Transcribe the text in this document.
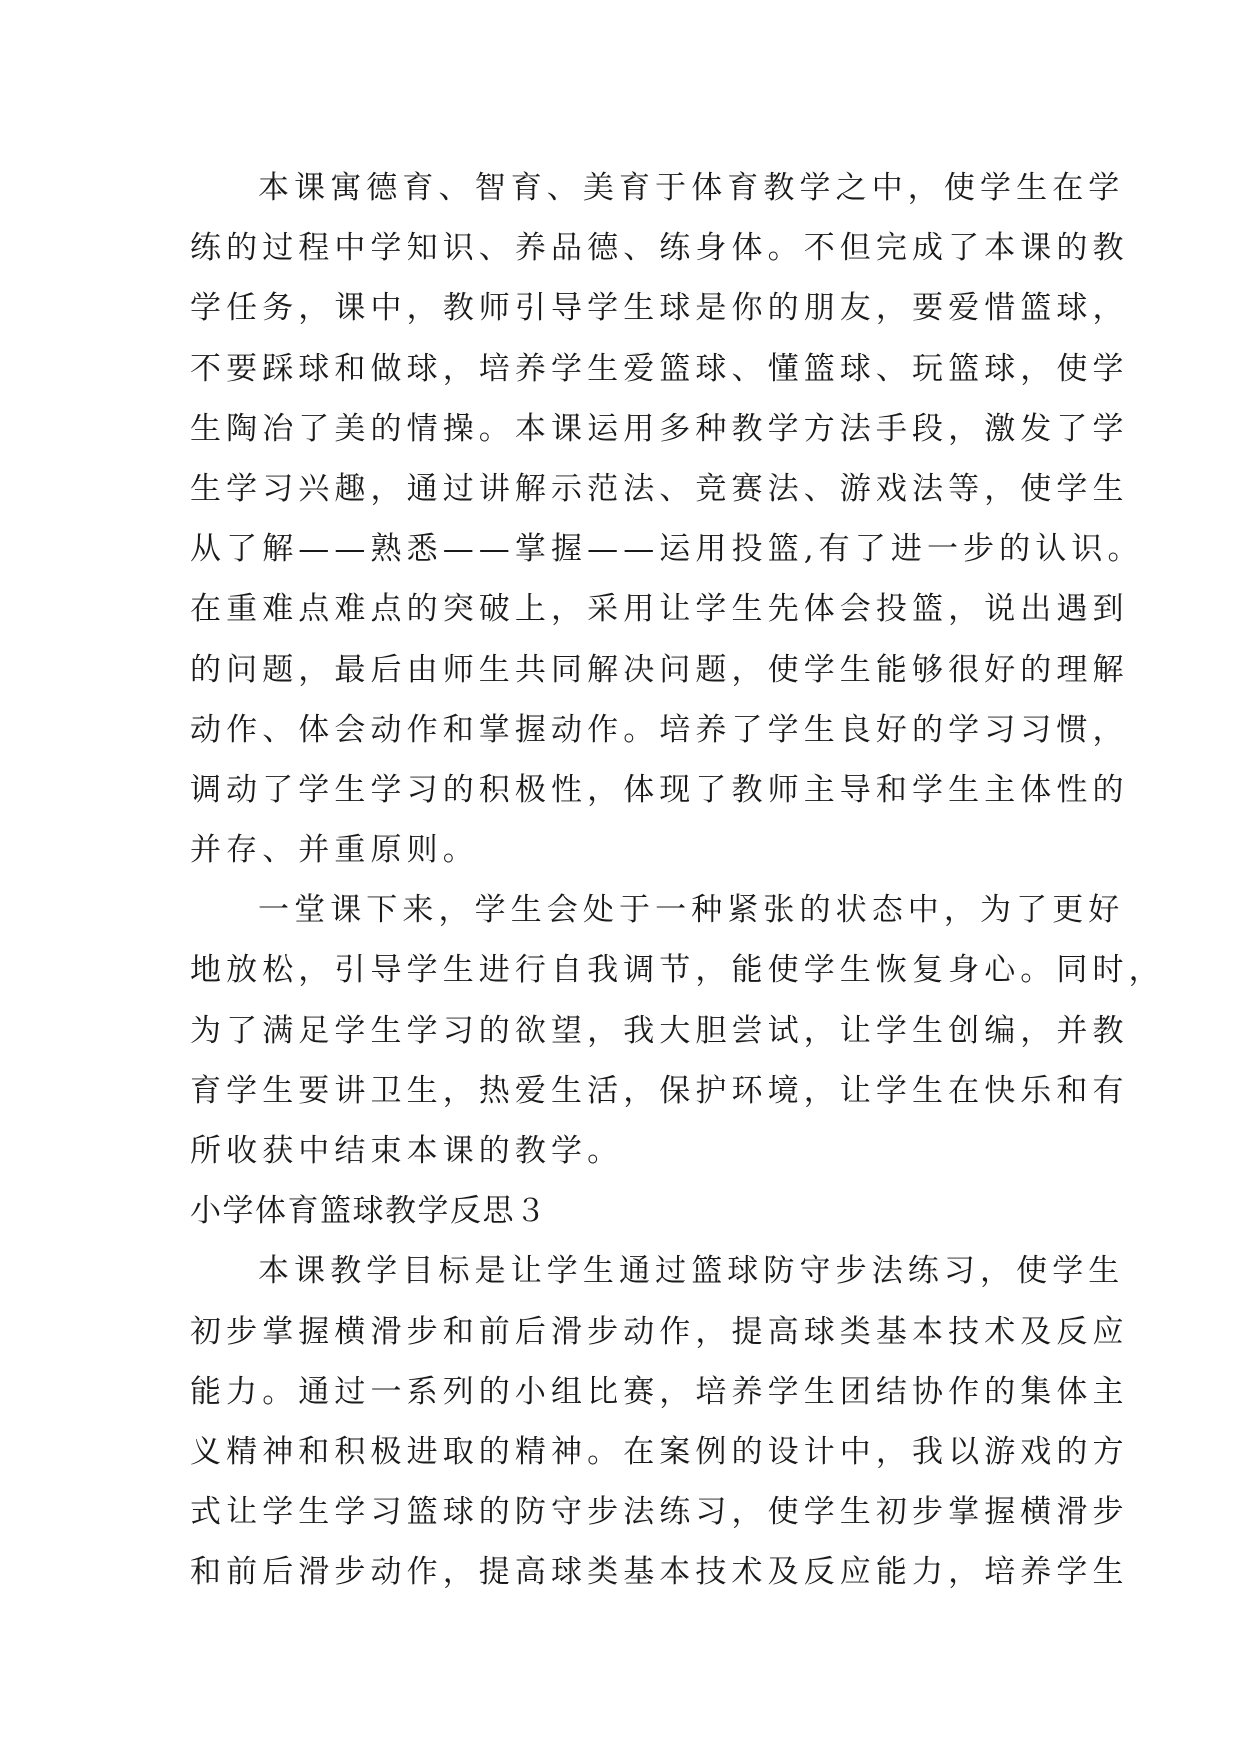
本课寓德育、智育、美育于体育教学之中，使学生在学
练的过程中学知识、养品德、练身体。不但完成了本课的教
学任务，课中，教师引导学生球是你的朋友，要爱惜篮球，
不要踩球和做球，培养学生爱篮球、懂篮球、玩篮球，使学
生陶冶了美的情操。本课运用多种教学方法手段，激发了学
生学习兴趣，通过讲解示范法、竞赛法、游戏法等，使学生
从了解——熟悉——掌握——运用投篮,有了进一步的认识。
在重难点难点的突破上，采用让学生先体会投篮，说出遇到
的问题，最后由师生共同解决问题，使学生能够很好的理解
动作、体会动作和掌握动作。培养了学生良好的学习习惯，
调动了学生学习的积极性，体现了教师主导和学生主体性的
并存、并重原则。
一堂课下来，学生会处于一种紧张的状态中，为了更好
地放松，引导学生进行自我调节，能使学生恢复身心。同时，
为了满足学生学习的欲望，我大胆尝试，让学生创编，并教
育学生要讲卫生，热爱生活，保护环境，让学生在快乐和有
所收获中结束本课的教学。
小学体育篮球教学反思３
本课教学目标是让学生通过篮球防守步法练习，使学生
初步掌握横滑步和前后滑步动作，提高球类基本技术及反应
能力。通过一系列的小组比赛，培养学生团结协作的集体主
义精神和积极进取的精神。在案例的设计中，我以游戏的方
式让学生学习篮球的防守步法练习，使学生初步掌握横滑步
和前后滑步动作，提高球类基本技术及反应能力，培养学生
